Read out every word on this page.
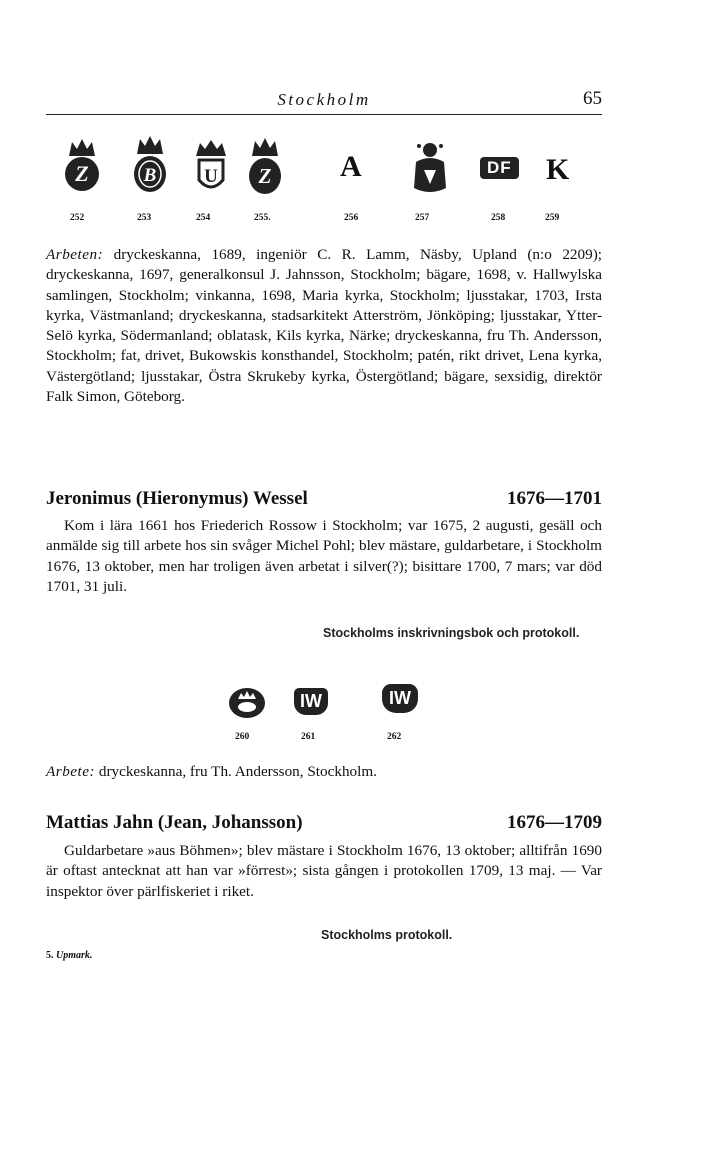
Stockholm	65
Z
252
B
253
U
254
Z
255.
A
256	257
DF
258
K
259

Arbeten: dryckeskanna, 1689, ingeniör C. R. Lamm, Näsby, Upland (n:o 2209); dryckeskanna, 1697, generalkonsul J. Jahnsson, Stockholm; bägare, 1698, v. Hallwylska samlingen, Stockholm; vinkanna, 1698, Maria kyrka, Stockholm; ljusstakar, 1703, Irsta kyrka, Västmanland; dryckeskanna, stadsarkitekt Atterström, Jönköping; ljusstakar, Ytter-Selö kyrka, Södermanland; oblatask, Kils kyrka, Närke; dryckeskanna, fru Th. Andersson, Stockholm; fat, drivet, Bukowskis konsthandel, Stockholm; patén, rikt drivet, Lena kyrka, Västergötland; ljusstakar, Östra Skrukeby kyrka, Östergötland; bägare, sexsidig, direktör Falk Simon, Göteborg.

Jeronimus (Hieronymus) Wessel	1676—1701

Kom i lära 1661 hos Friederich Rossow i Stockholm; var 1675, 2 augusti, gesäll och anmälde sig till arbete hos sin svåger Michel Pohl; blev mästare, guldarbetare, i Stockholm 1676, 13 oktober, men har troligen även arbetat i silver(?); bisittare 1700, 7 mars; var död 1701, 31 juli.

Stockholms inskrivningsbok och protokoll.
260
IW
261
IW
262

Arbete: dryckeskanna, fru Th. Andersson, Stockholm.

Mattias Jahn (Jean, Johansson)	1676—1709

Guldarbetare »aus Böhmen»; blev mästare i Stockholm 1676, 13 oktober; alltifrån 1690 är oftast antecknat att han var »förrest»; sista gången i protokollen 1709, 13 maj. — Var inspektor över pärlfiskeriet i riket.

Stockholms protokoll.
5. Upmark.
